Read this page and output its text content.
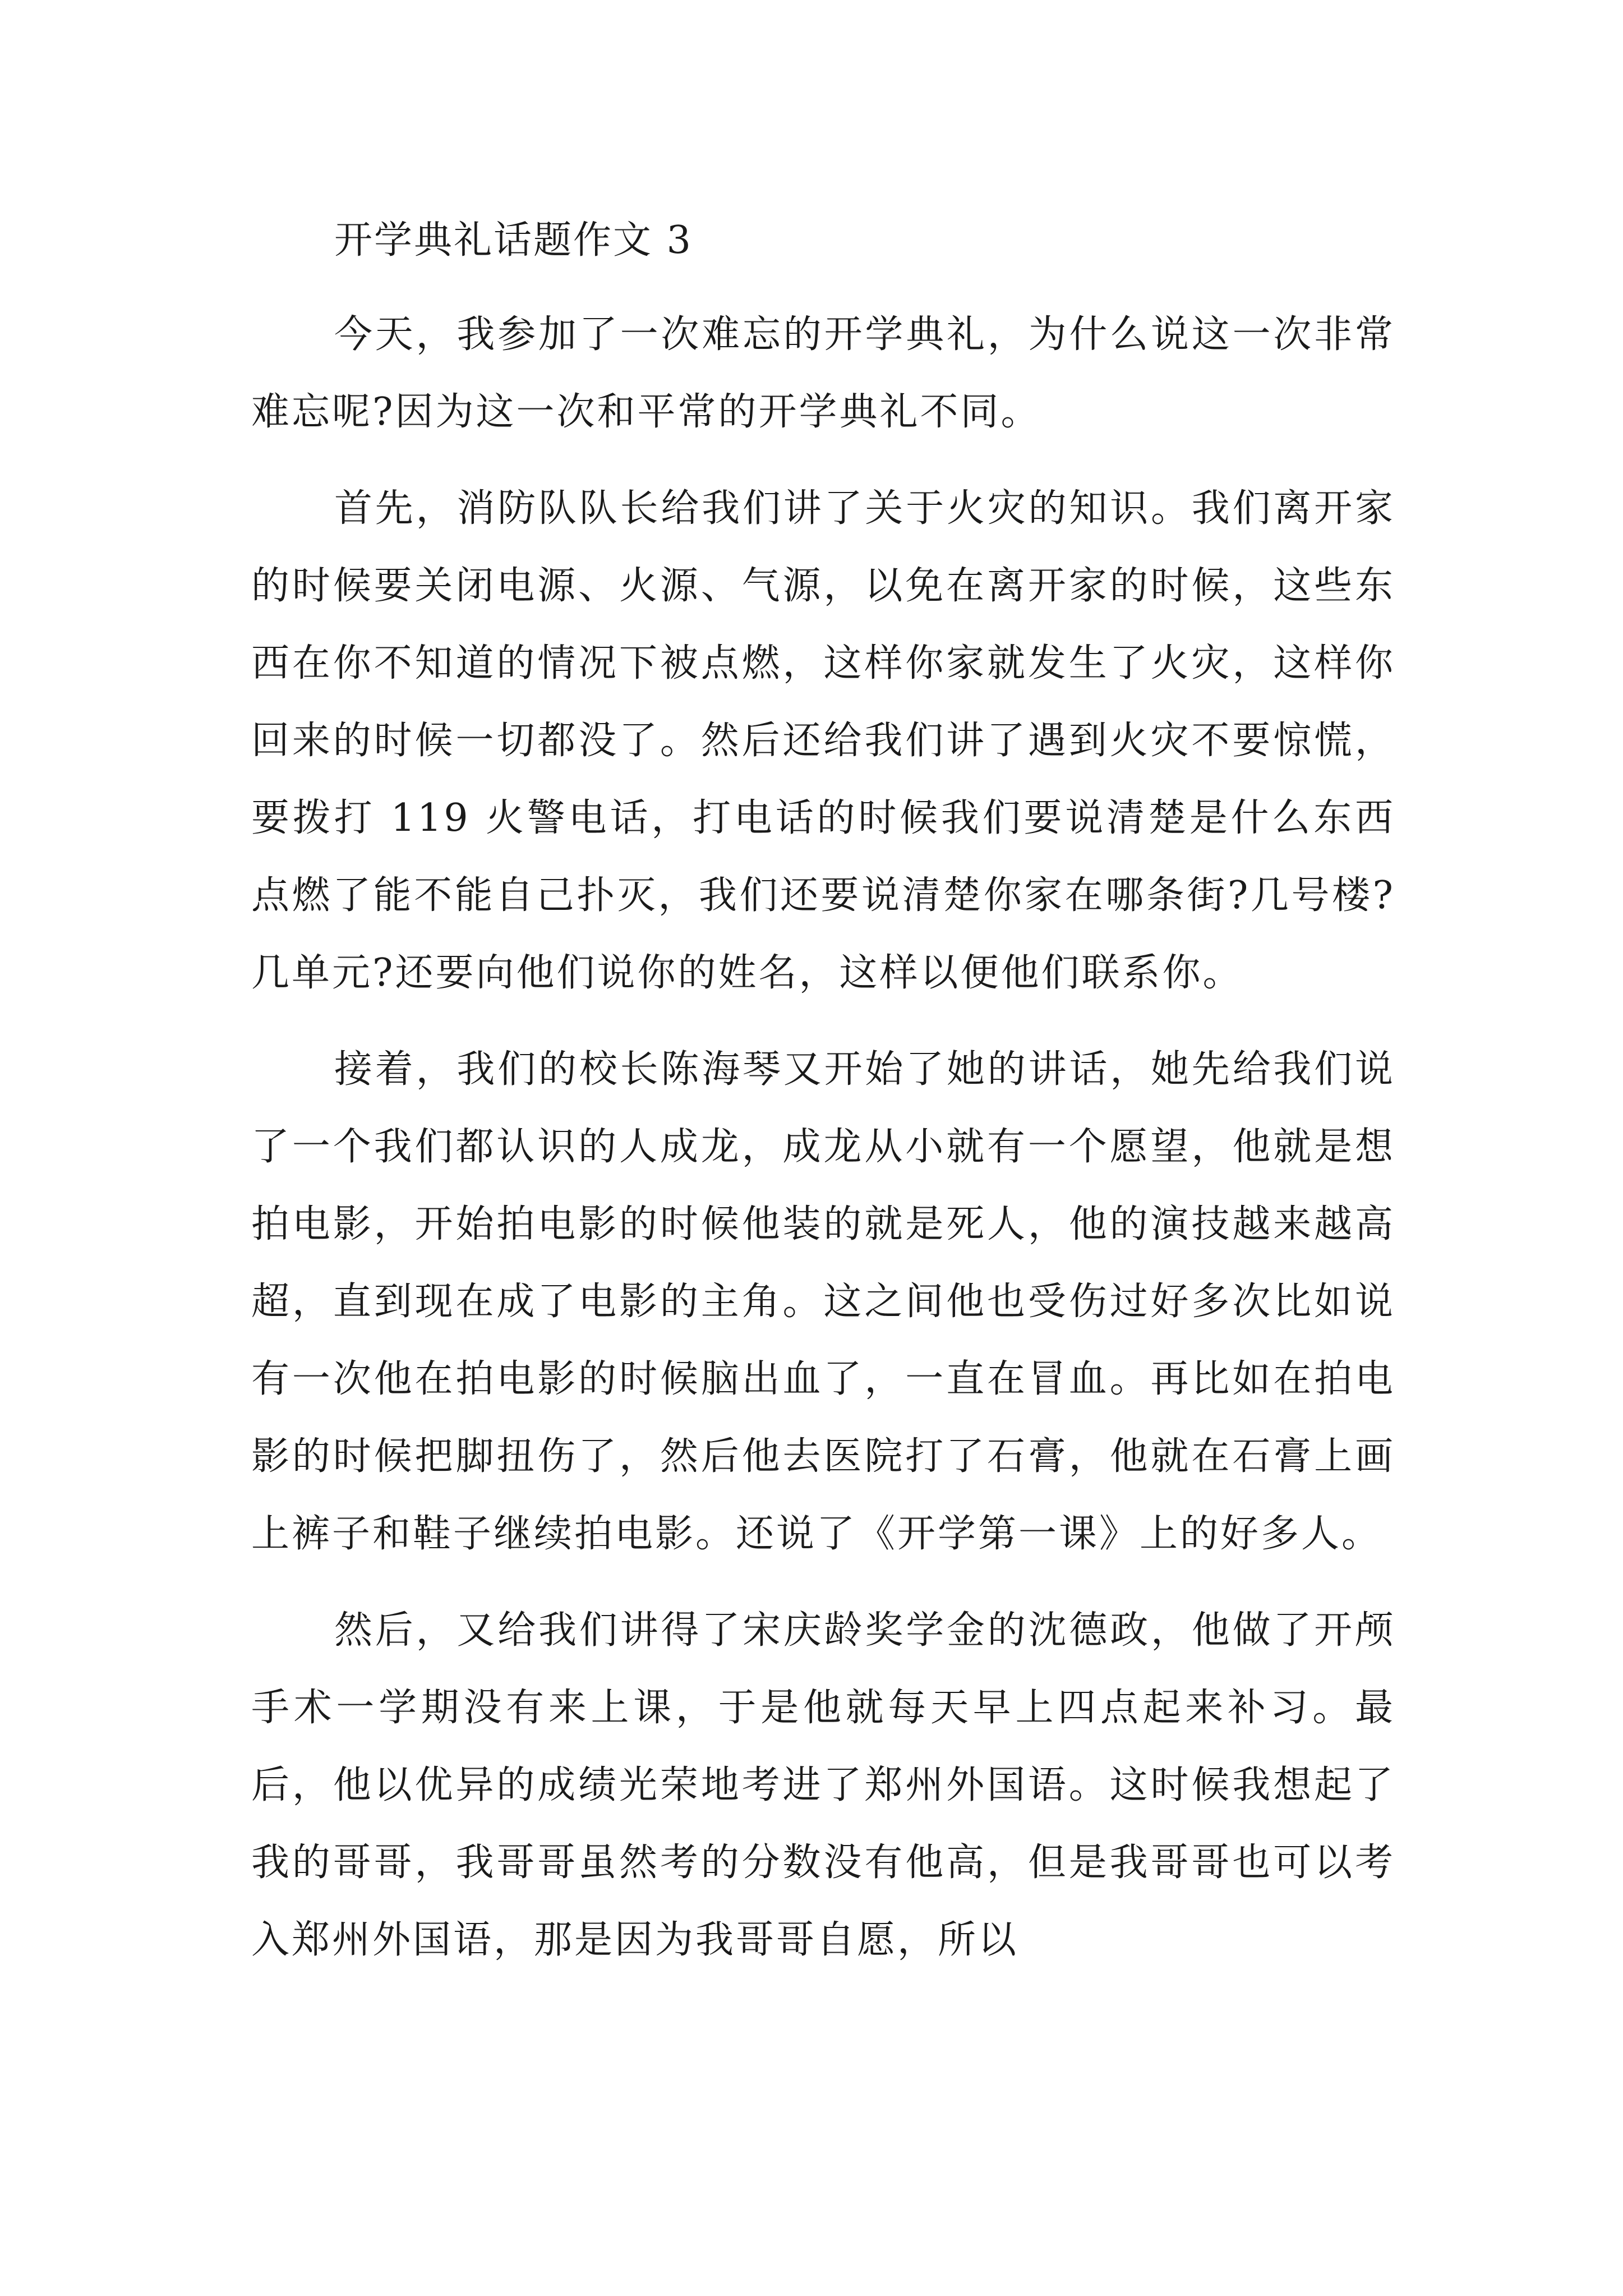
开学典礼话题作文 3

今天，我参加了一次难忘的开学典礼，为什么说这一次非常难忘呢?因为这一次和平常的开学典礼不同。

首先，消防队队长给我们讲了关于火灾的知识。我们离开家的时候要关闭电源、火源、气源，以免在离开家的时候，这些东西在你不知道的情况下被点燃，这样你家就发生了火灾，这样你回来的时候一切都没了。然后还给我们讲了遇到火灾不要惊慌，要拨打 119 火警电话，打电话的时候我们要说清楚是什么东西点燃了能不能自己扑灭，我们还要说清楚你家在哪条街?几号楼?几单元?还要向他们说你的姓名，这样以便他们联系你。

接着，我们的校长陈海琴又开始了她的讲话，她先给我们说了一个我们都认识的人成龙，成龙从小就有一个愿望，他就是想拍电影，开始拍电影的时候他装的就是死人，他的演技越来越高超，直到现在成了电影的主角。这之间他也受伤过好多次比如说有一次他在拍电影的时候脑出血了，一直在冒血。再比如在拍电影的时候把脚扭伤了，然后他去医院打了石膏，他就在石膏上画上裤子和鞋子继续拍电影。还说了《开学第一课》上的好多人。

然后，又给我们讲得了宋庆龄奖学金的沈德政，他做了开颅手术一学期没有来上课，于是他就每天早上四点起来补习。最后，他以优异的成绩光荣地考进了郑州外国语。这时候我想起了我的哥哥，我哥哥虽然考的分数没有他高，但是我哥哥也可以考入郑州外国语，那是因为我哥哥自愿，所以
